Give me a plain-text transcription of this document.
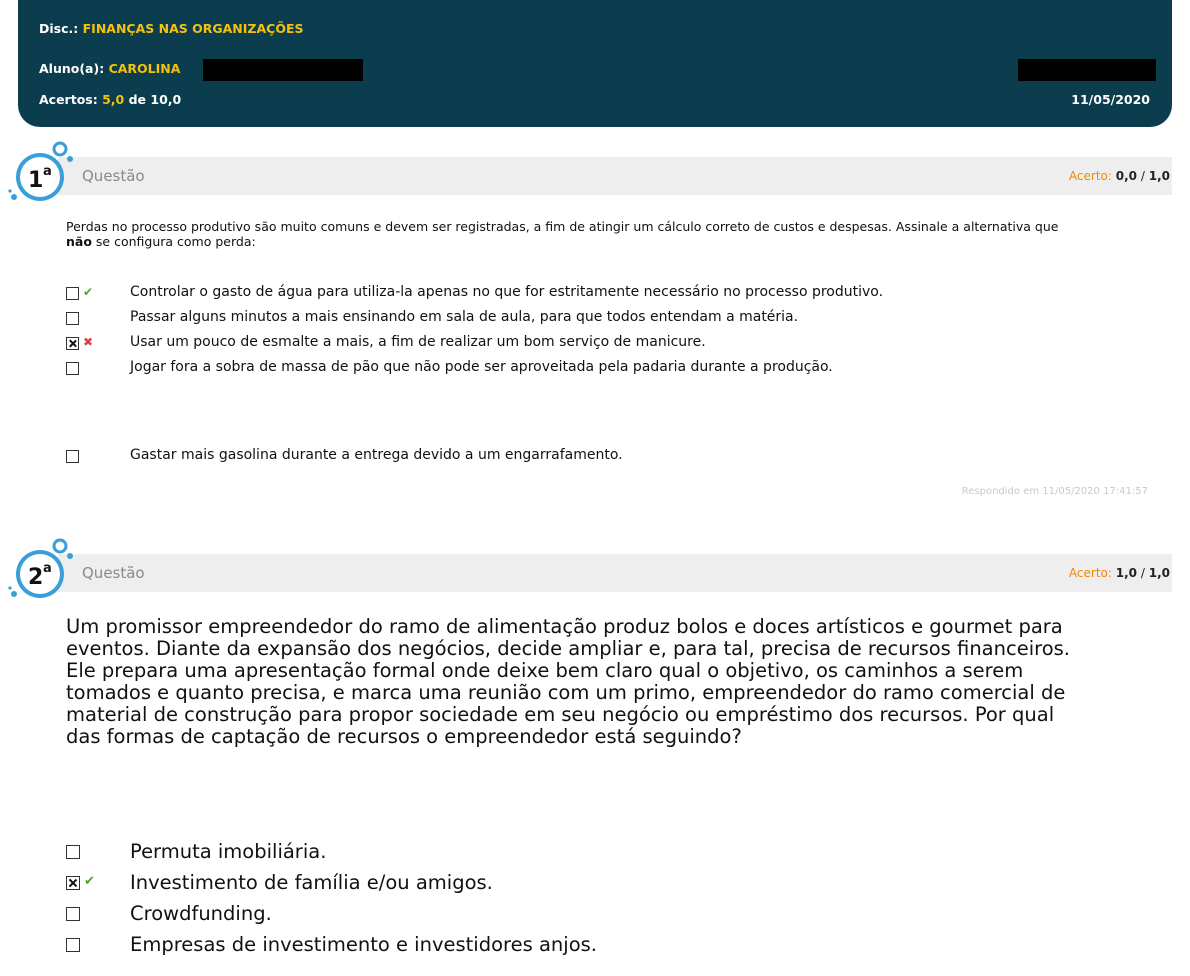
Disc.: FINANÇAS NAS ORGANIZAÇÕES
Aluno(a): CAROLINA
Acertos: 5,0 de 10,0	11/05/2020
Questão	Acerto: 0,0 / 1,0
1 a
Perdas no processo produtivo são muito comuns e devem ser registradas, a fim de atingir um cálculo correto de custos e despesas. Assinale a alternativa que não se configura como perda:
✔	Controlar o gasto de água para utiliza-la apenas no que for estritamente necessário no processo produtivo.
Passar alguns minutos a mais ensinando em sala de aula, para que todos entendam a matéria.
✖	Usar um pouco de esmalte a mais, a fim de realizar um bom serviço de manicure.
Jogar fora a sobra de massa de pão que não pode ser aproveitada pela padaria durante a produção.
Gastar mais gasolina durante a entrega devido a um engarrafamento.
Respondido em 11/05/2020 17:41:57
Questão	Acerto: 1,0 / 1,0
2 a
Um promissor empreendedor do ramo de alimentação produz bolos e doces artísticos e gourmet para eventos. Diante da expansão dos negócios, decide ampliar e, para tal, precisa de recursos financeiros. Ele prepara uma apresentação formal onde deixe bem claro qual o objetivo, os caminhos a serem tomados e quanto precisa, e marca uma reunião com um primo, empreendedor do ramo comercial de material de construção para propor sociedade em seu negócio ou empréstimo dos recursos. Por qual das formas de captação de recursos o empreendedor está seguindo?
Permuta imobiliária.
✔ Investimento de família e/ou amigos.
Crowdfunding.
Empresas de investimento e investidores anjos.
